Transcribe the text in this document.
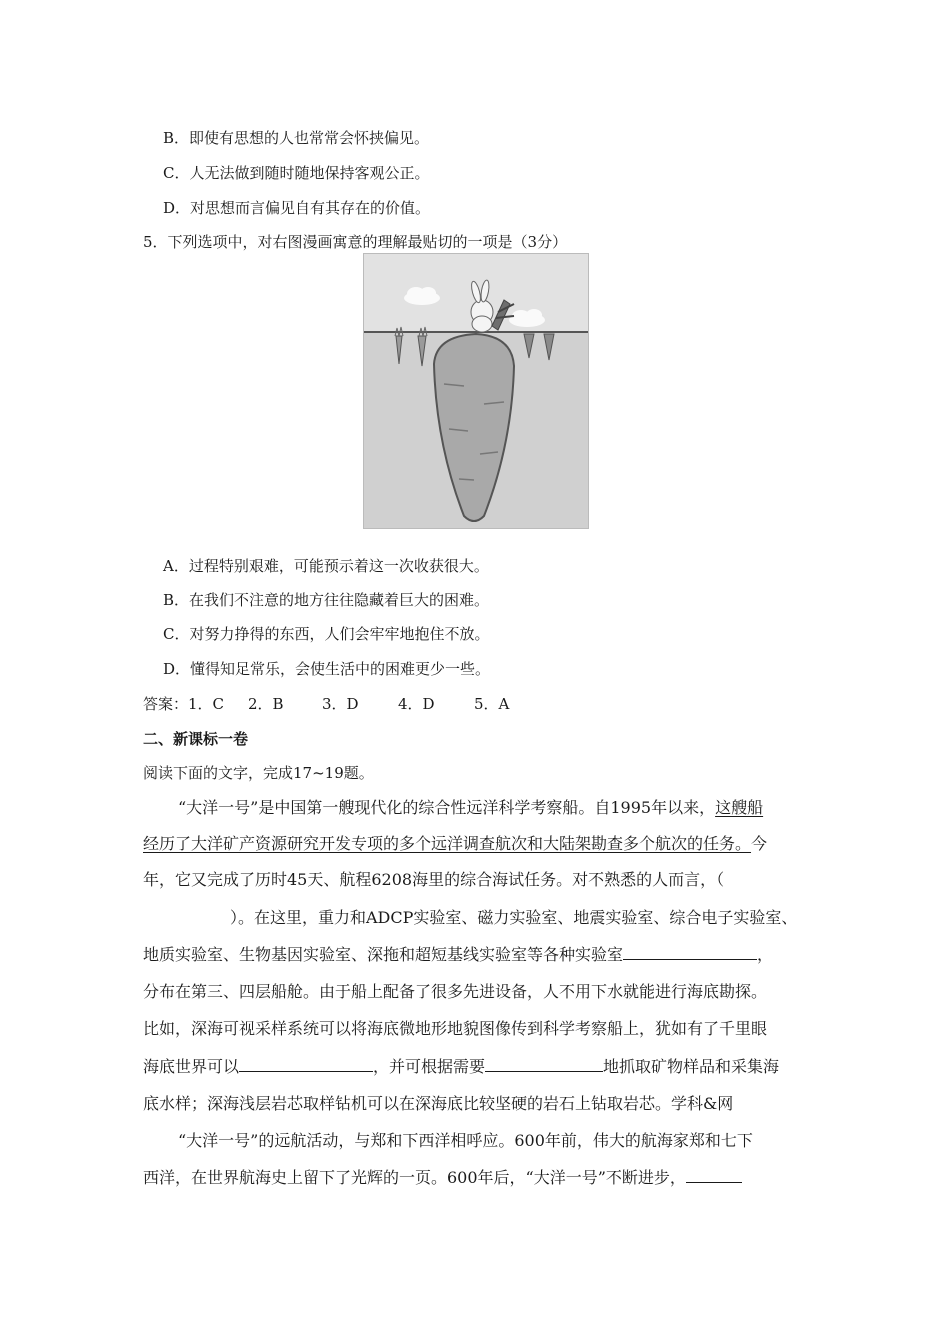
B．即使有思想的人也常常会怀挟偏见。
C．人无法做到随时随地保持客观公正。
D．对思想而言偏见自有其存在的价值。
5．下列选项中，对右图漫画寓意的理解最贴切的一项是（3分）
A．过程特别艰难，可能预示着这一次收获很大。
B．在我们不注意的地方往往隐藏着巨大的困难。
C．对努力挣得的东西，人们会牢牢地抱住不放。
D．懂得知足常乐，会使生活中的困难更少一些。
答案：1．C 2．B	3．D	4．D	5．A
二、新课标一卷
阅读下面的文字，完成17~19题。
“大洋一号”是中国第一艘现代化的综合性远洋科学考察船。自1995年以来，这艘船
经历了大洋矿产资源研究开发专项的多个远洋调查航次和大陆架勘查多个航次的任务。今
年，它又完成了历时45天、航程6208海里的综合海试任务。对不熟悉的人而言，（
）。在这里，重力和ADCP实验室、磁力实验室、地震实验室、综合电子实验室、
地质实验室、生物基因实验室、深拖和超短基线实验室等各种实验室	，
分布在第三、四层船舱。由于船上配备了很多先进设备，人不用下水就能进行海底勘探。
比如，深海可视采样系统可以将海底微地形地貌图像传到科学考察船上，犹如有了千里眼
海底世界可以	，并可根据需要	地抓取矿物样品和采集海
底水样；深海浅层岩芯取样钻机可以在深海底比较坚硬的岩石上钻取岩芯。学科&网
“大洋一号”的远航活动，与郑和下西洋相呼应。600年前，伟大的航海家郑和七下
西洋，在世界航海史上留下了光辉的一页。600年后，“大洋一号”不断进步，
